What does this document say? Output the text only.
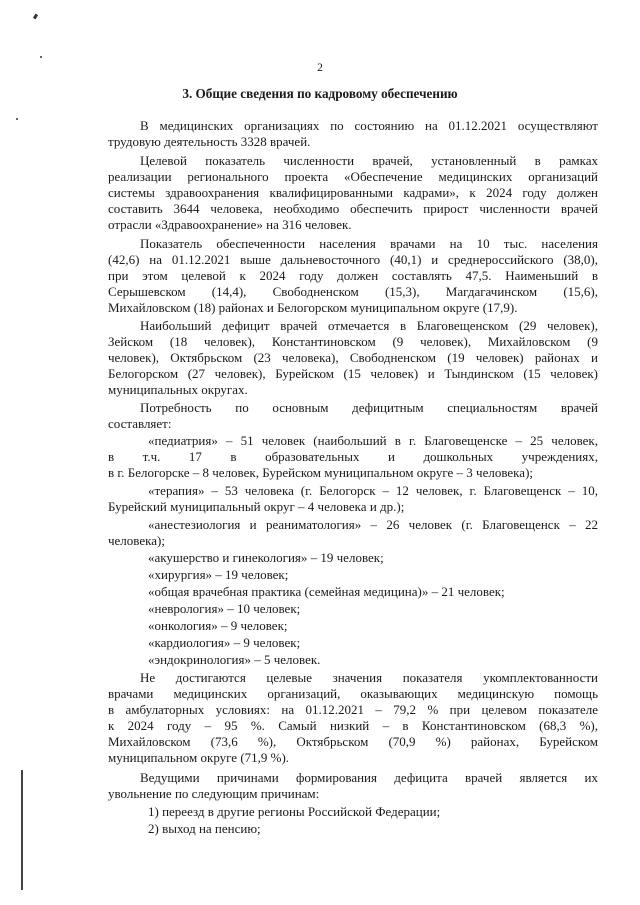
2
3. Общие сведения по кадровому обеспечению
В медицинских организациях по состоянию на 01.12.2021 осуществляют
трудовую деятельность 3328 врачей.
Целевой показатель численности врачей, установленный в рамках
реализации регионального проекта «Обеспечение медицинских организаций
системы здравоохранения квалифицированными кадрами», к 2024 году должен
составить 3644 человека, необходимо обеспечить прирост численности врачей
отрасли «Здравоохранение» на 316 человек.
Показатель обеспеченности населения врачами на 10 тыс. населения
(42,6) на 01.12.2021 выше дальневосточного (40,1) и среднероссийского (38,0),
при этом целевой к 2024 году должен составлять 47,5. Наименьший в
Серышевском (14,4), Свободненском (15,3), Магдагачинском (15,6),
Михайловском (18) районах и Белогорском муниципальном округе (17,9).
Наибольший дефицит врачей отмечается в Благовещенском (29 человек),
Зейском (18 человек), Константиновском (9 человек), Михайловском (9
человек), Октябрьском (23 человека), Свободненском (19 человек) районах и
Белогорском (27 человек), Бурейском (15 человек) и Тындинском (15 человек)
муниципальных округах.
Потребность по основным дефицитным специальностям врачей
составляет:
«педиатрия» – 51 человек (наибольший в г. Благовещенске – 25 человек,
в т.ч. 17 в образовательных и дошкольных учреждениях,
в г. Белогорске – 8 человек, Бурейском муниципальном округе – 3 человека);
«терапия» – 53 человека (г. Белогорск – 12 человек, г. Благовещенск – 10,
Бурейский муниципальный округ – 4 человека и др.);
«анестезиология и реаниматология» – 26 человек (г. Благовещенск – 22
человека);
«акушерство и гинекология» – 19 человек;
«хирургия» – 19 человек;
«общая врачебная практика (семейная медицина)» – 21 человек;
«неврология» – 10 человек;
«онкология» – 9 человек;
«кардиология» – 9 человек;
«эндокринология» – 5 человек.
Не достигаются целевые значения показателя укомплектованности
врачами медицинских организаций, оказывающих медицинскую помощь
в амбулаторных условиях: на 01.12.2021 – 79,2 % при целевом показателе
к 2024 году – 95 %. Самый низкий – в Константиновском (68,3 %),
Михайловском (73,6 %), Октябрьском (70,9 %) районах, Бурейском
муниципальном округе (71,9 %).
Ведущими причинами формирования дефицита врачей является их
увольнение по следующим причинам:
1) переезд в другие регионы Российской Федерации;
2) выход на пенсию;
